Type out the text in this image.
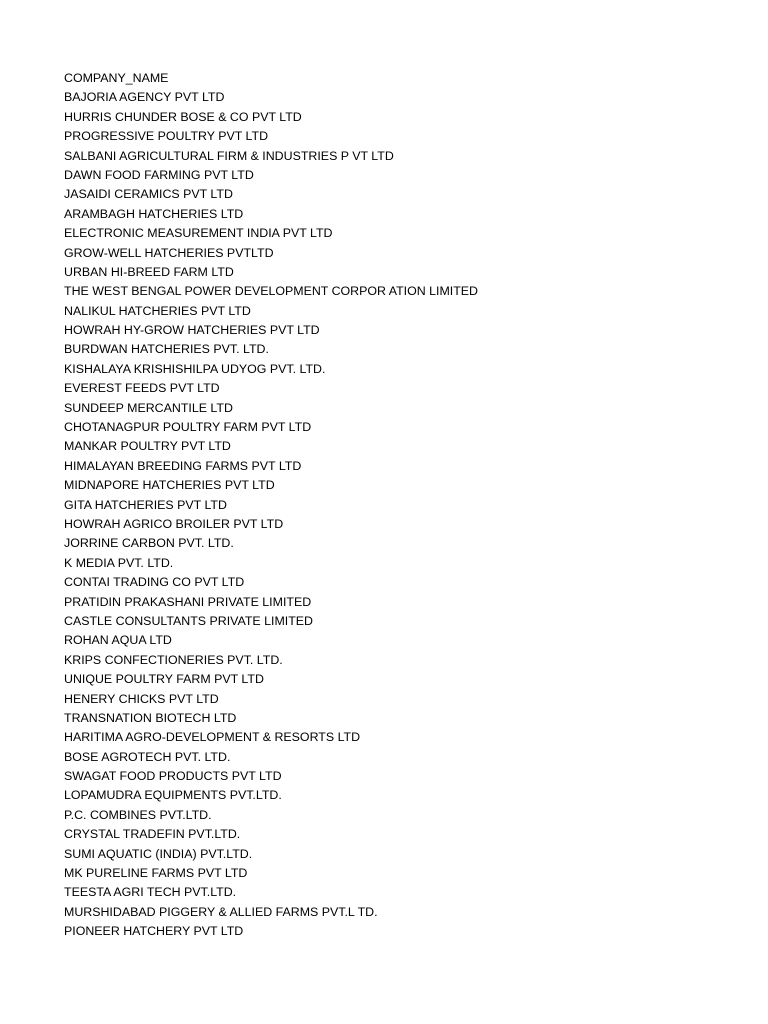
COMPANY_NAME
BAJORIA AGENCY PVT LTD
HURRIS CHUNDER BOSE & CO PVT LTD
PROGRESSIVE POULTRY PVT LTD
SALBANI AGRICULTURAL FIRM & INDUSTRIES P VT LTD
DAWN FOOD FARMING PVT LTD
JASAIDI CERAMICS PVT LTD
ARAMBAGH HATCHERIES LTD
ELECTRONIC MEASUREMENT INDIA PVT LTD
GROW-WELL HATCHERIES PVTLTD
URBAN HI-BREED FARM LTD
THE WEST BENGAL POWER DEVELOPMENT CORPOR ATION LIMITED
NALIKUL HATCHERIES PVT LTD
HOWRAH HY-GROW HATCHERIES PVT LTD
BURDWAN HATCHERIES PVT. LTD.
KISHALAYA KRISHISHILPA UDYOG PVT. LTD.
EVEREST FEEDS PVT LTD
SUNDEEP MERCANTILE LTD
CHOTANAGPUR POULTRY FARM PVT LTD
MANKAR POULTRY PVT LTD
HIMALAYAN BREEDING FARMS PVT LTD
MIDNAPORE HATCHERIES PVT LTD
GITA HATCHERIES PVT LTD
HOWRAH AGRICO BROILER PVT LTD
JORRINE CARBON PVT. LTD.
K MEDIA PVT. LTD.
CONTAI TRADING CO PVT LTD
PRATIDIN PRAKASHANI PRIVATE LIMITED
CASTLE CONSULTANTS PRIVATE LIMITED
ROHAN AQUA LTD
KRIPS CONFECTIONERIES PVT. LTD.
UNIQUE POULTRY FARM PVT LTD
HENERY CHICKS PVT LTD
TRANSNATION BIOTECH LTD
HARITIMA AGRO-DEVELOPMENT & RESORTS LTD
BOSE AGROTECH PVT. LTD.
SWAGAT FOOD PRODUCTS PVT LTD
LOPAMUDRA EQUIPMENTS PVT.LTD.
P.C. COMBINES PVT.LTD.
CRYSTAL TRADEFIN PVT.LTD.
SUMI AQUATIC (INDIA) PVT.LTD.
MK PURELINE FARMS PVT LTD
TEESTA AGRI TECH PVT.LTD.
MURSHIDABAD PIGGERY & ALLIED FARMS PVT.L TD.
PIONEER HATCHERY PVT LTD
